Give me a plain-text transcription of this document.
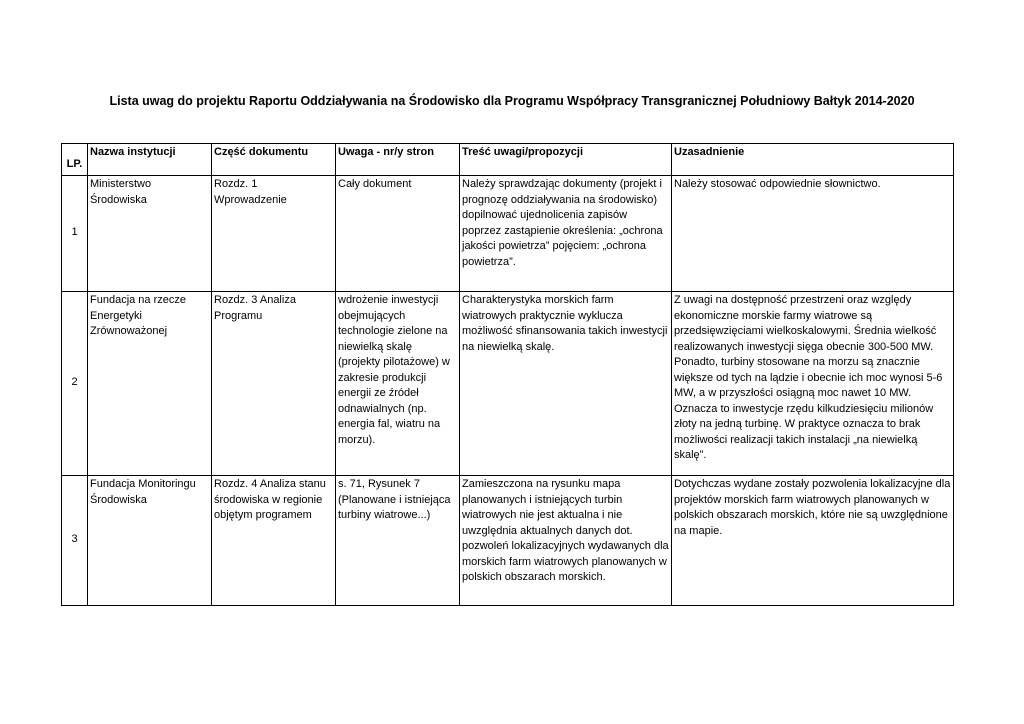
Lista uwag do projektu Raportu Oddziaływania na Środowisko dla Programu Współpracy Transgranicznej Południowy Bałtyk 2014-2020
LP.	Nazwa instytucji	Część dokumentu	Uwaga - nr/y stron	Treść uwagi/propozycji	Uzasadnienie
1	Ministerstwo Środowiska	Rozdz. 1 Wprowadzenie	Cały dokument	Należy sprawdzając dokumenty (projekt i prognozę oddziaływania na środowisko) dopilnować ujednolicenia zapisów poprzez zastąpienie określenia: „ochrona jakości powietrza” pojęciem: „ochrona powietrza”.	Należy stosować odpowiednie słownictwo.
2	Fundacja na rzecze Energetyki Zrównoważonej	Rozdz. 3 Analiza Programu	wdrożenie inwestycji obejmujących technologie zielone na niewielką skalę (projekty pilotażowe) w zakresie produkcji energii ze źródeł odnawialnych (np. energia fal, wiatru na morzu).	Charakterystyka morskich farm wiatrowych praktycznie wyklucza możliwość sfinansowania takich inwestycji na niewielką skalę.	Z uwagi na dostępność przestrzeni oraz względy ekonomiczne morskie farmy wiatrowe są przedsięwzięciami wielkoskalowymi. Średnia wielkość realizowanych inwestycji sięga obecnie 300-500 MW. Ponadto, turbiny stosowane na morzu są znacznie większe od tych na lądzie i obecnie ich moc wynosi 5-6 MW, a w przyszłości osiągną moc nawet 10 MW. Oznacza to inwestycje rzędu kilkudziesięciu milionów złoty na jedną turbinę. W praktyce oznacza to brak możliwości realizacji takich instalacji „na niewielką skalę”.
3	Fundacja Monitoringu Środowiska	Rozdz. 4 Analiza stanu środowiska w regionie objętym programem	s. 71, Rysunek 7 (Planowane i istniejąca turbiny wiatrowe...)	Zamieszczona na rysunku mapa planowanych i istniejących turbin wiatrowych nie jest aktualna i nie uwzględnia aktualnych danych dot. pozwoleń lokalizacyjnych wydawanych dla morskich farm wiatrowych planowanych w polskich obszarach morskich.	Dotychczas wydane zostały pozwolenia lokalizacyjne dla projektów morskich farm wiatrowych planowanych w polskich obszarach morskich, które nie są uwzględnione na mapie.
